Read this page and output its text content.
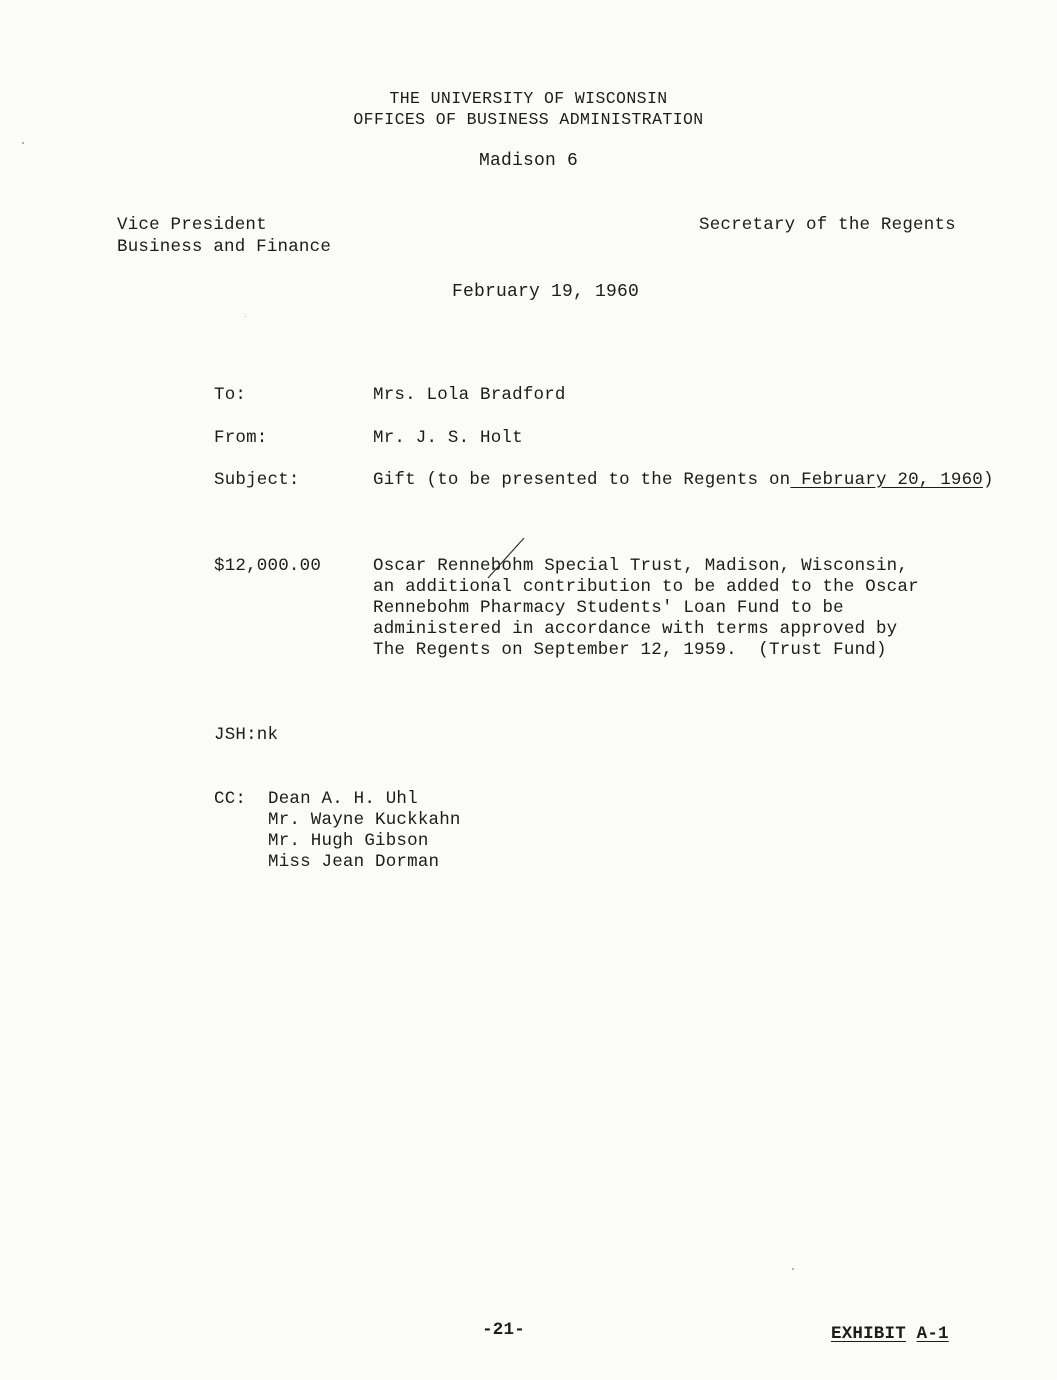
THE UNIVERSITY OF WISCONSIN
OFFICES OF BUSINESS ADMINISTRATION
Madison 6
Vice President
Business and Finance
Secretary of the Regents
February 19, 1960
To:	Mrs. Lola Bradford
From:	Mr. J. S. Holt
Subject:	Gift (to be presented to the Regents on February 20, 1960)
$12,000.00	Oscar Rennebohm Special Trust, Madison, Wisconsin,
an additional contribution to be added to the Oscar
Rennebohm Pharmacy Students' Loan Fund to be
administered in accordance with terms approved by
The Regents on September 12, 1959.  (Trust Fund)
JSH:nk
CC: Dean A. H. Uhl
Mr. Wayne Kuckkahn
Mr. Hugh Gibson
Miss Jean Dorman
-21-	EXHIBIT A-1
